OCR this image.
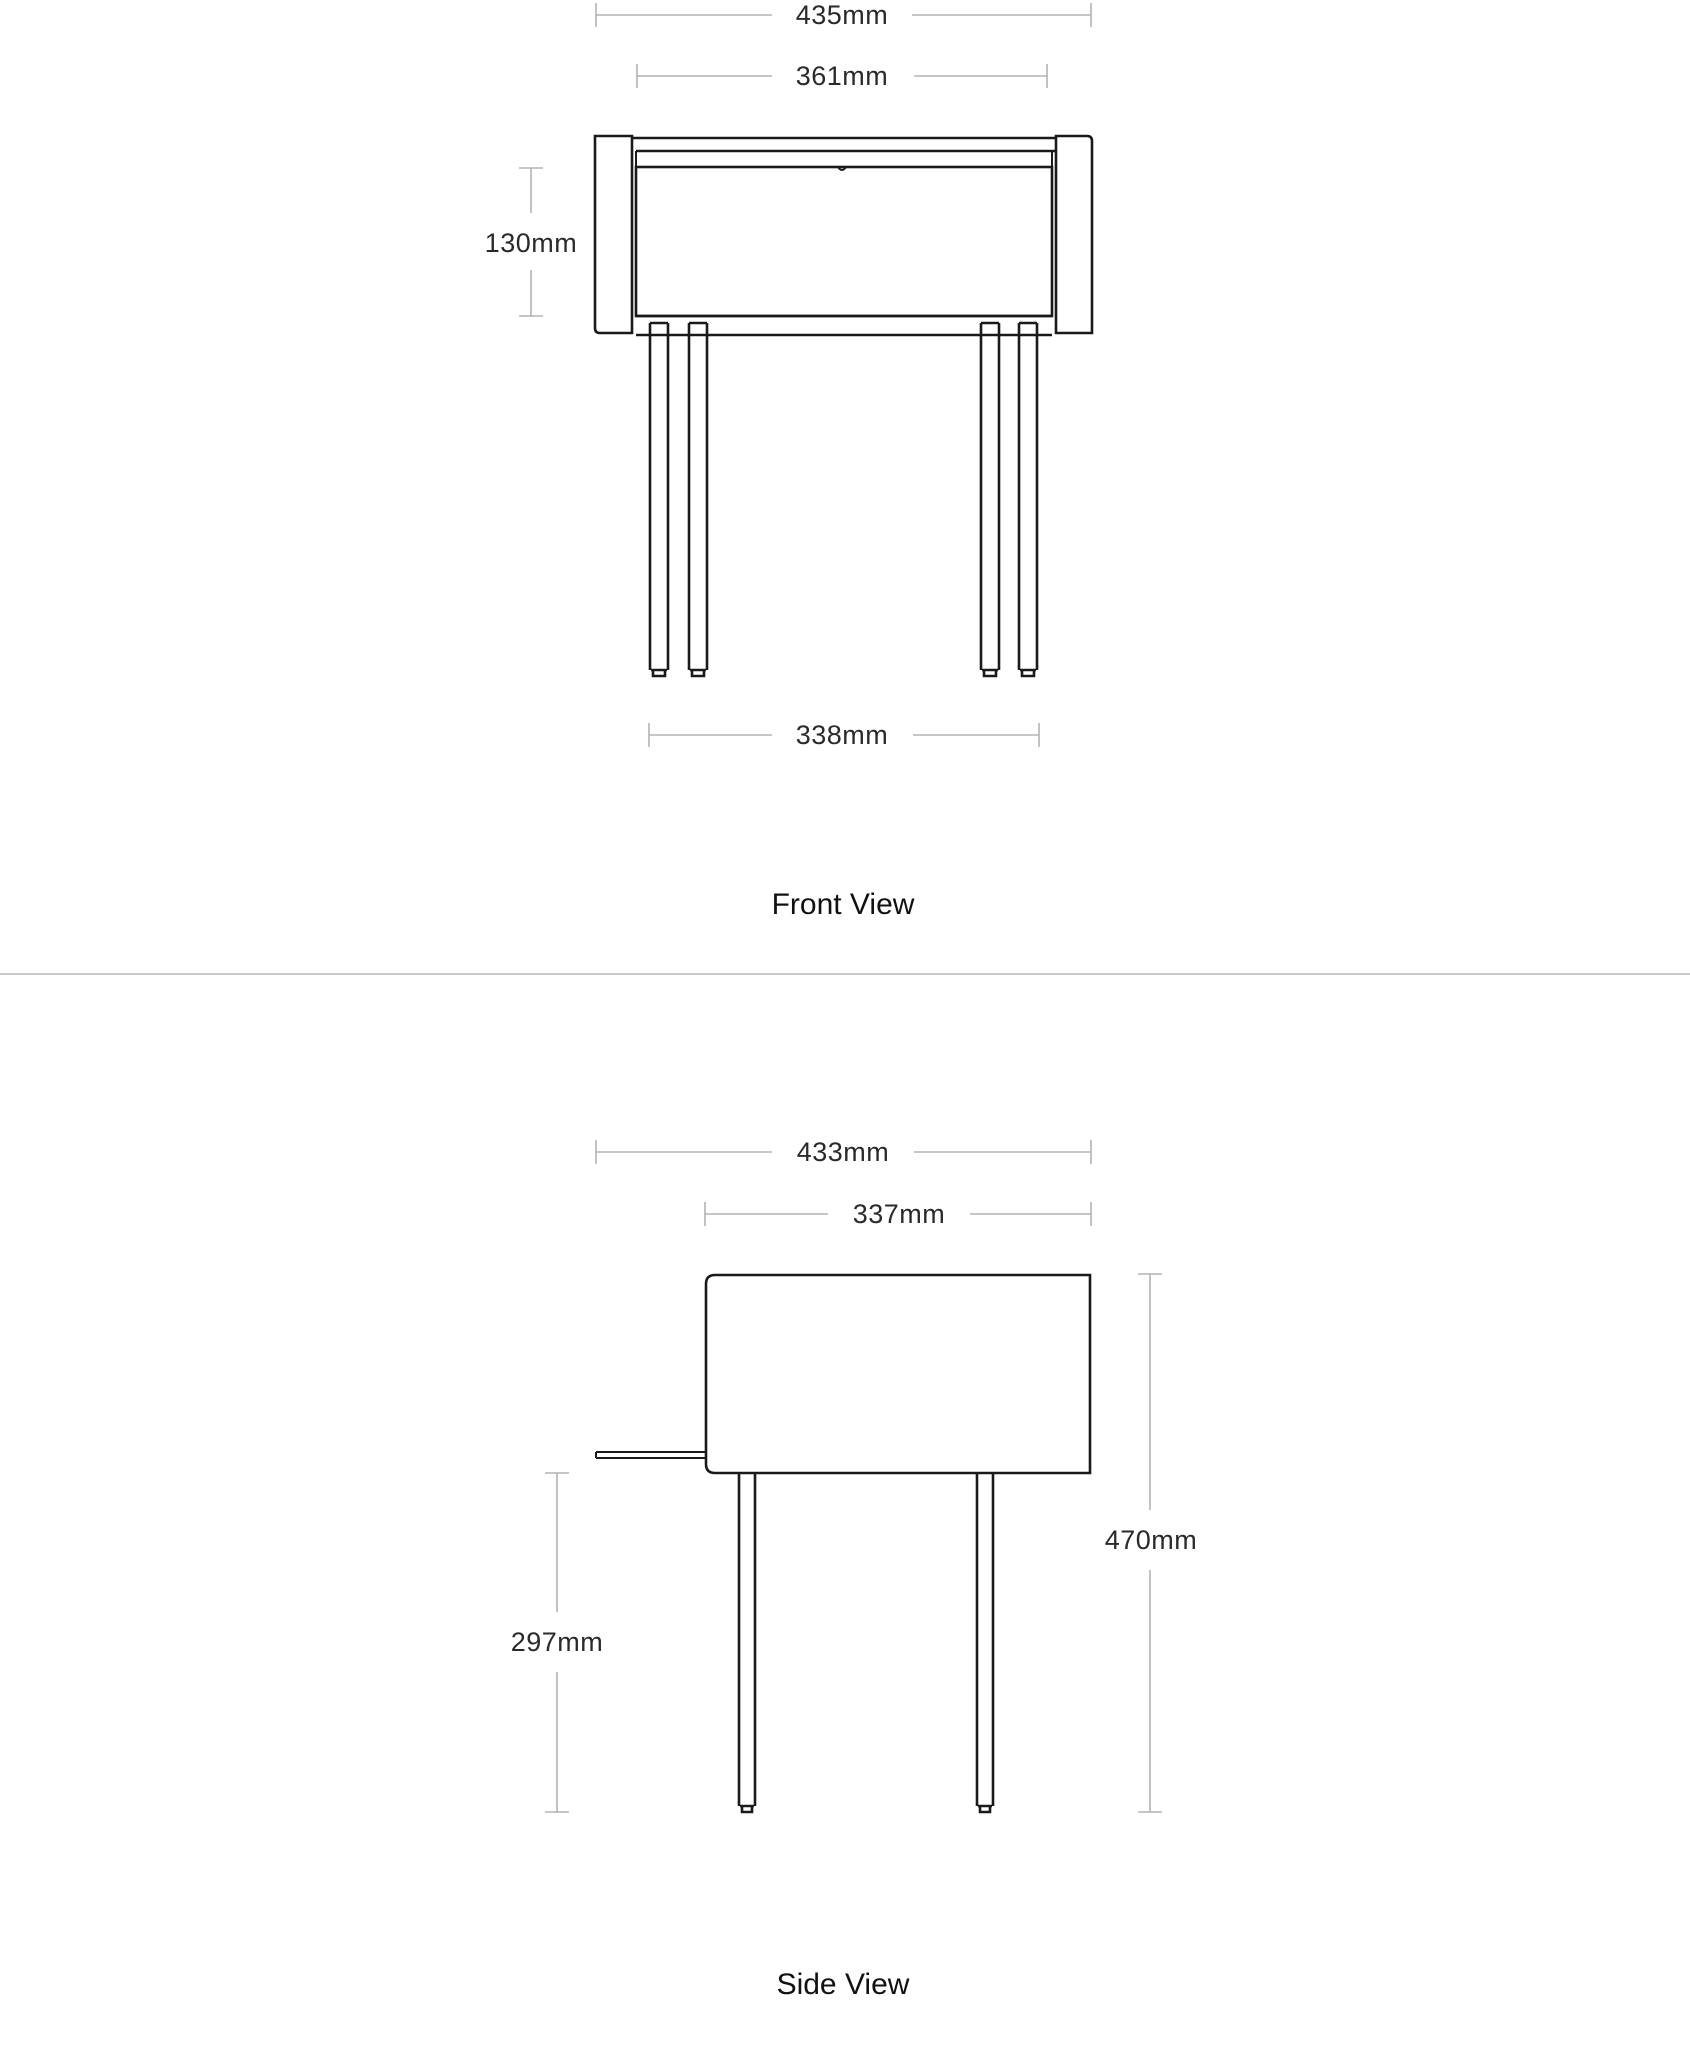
435mm
361mm
130mm
338mm
Front View
433mm
337mm
470mm
297mm
Side View
